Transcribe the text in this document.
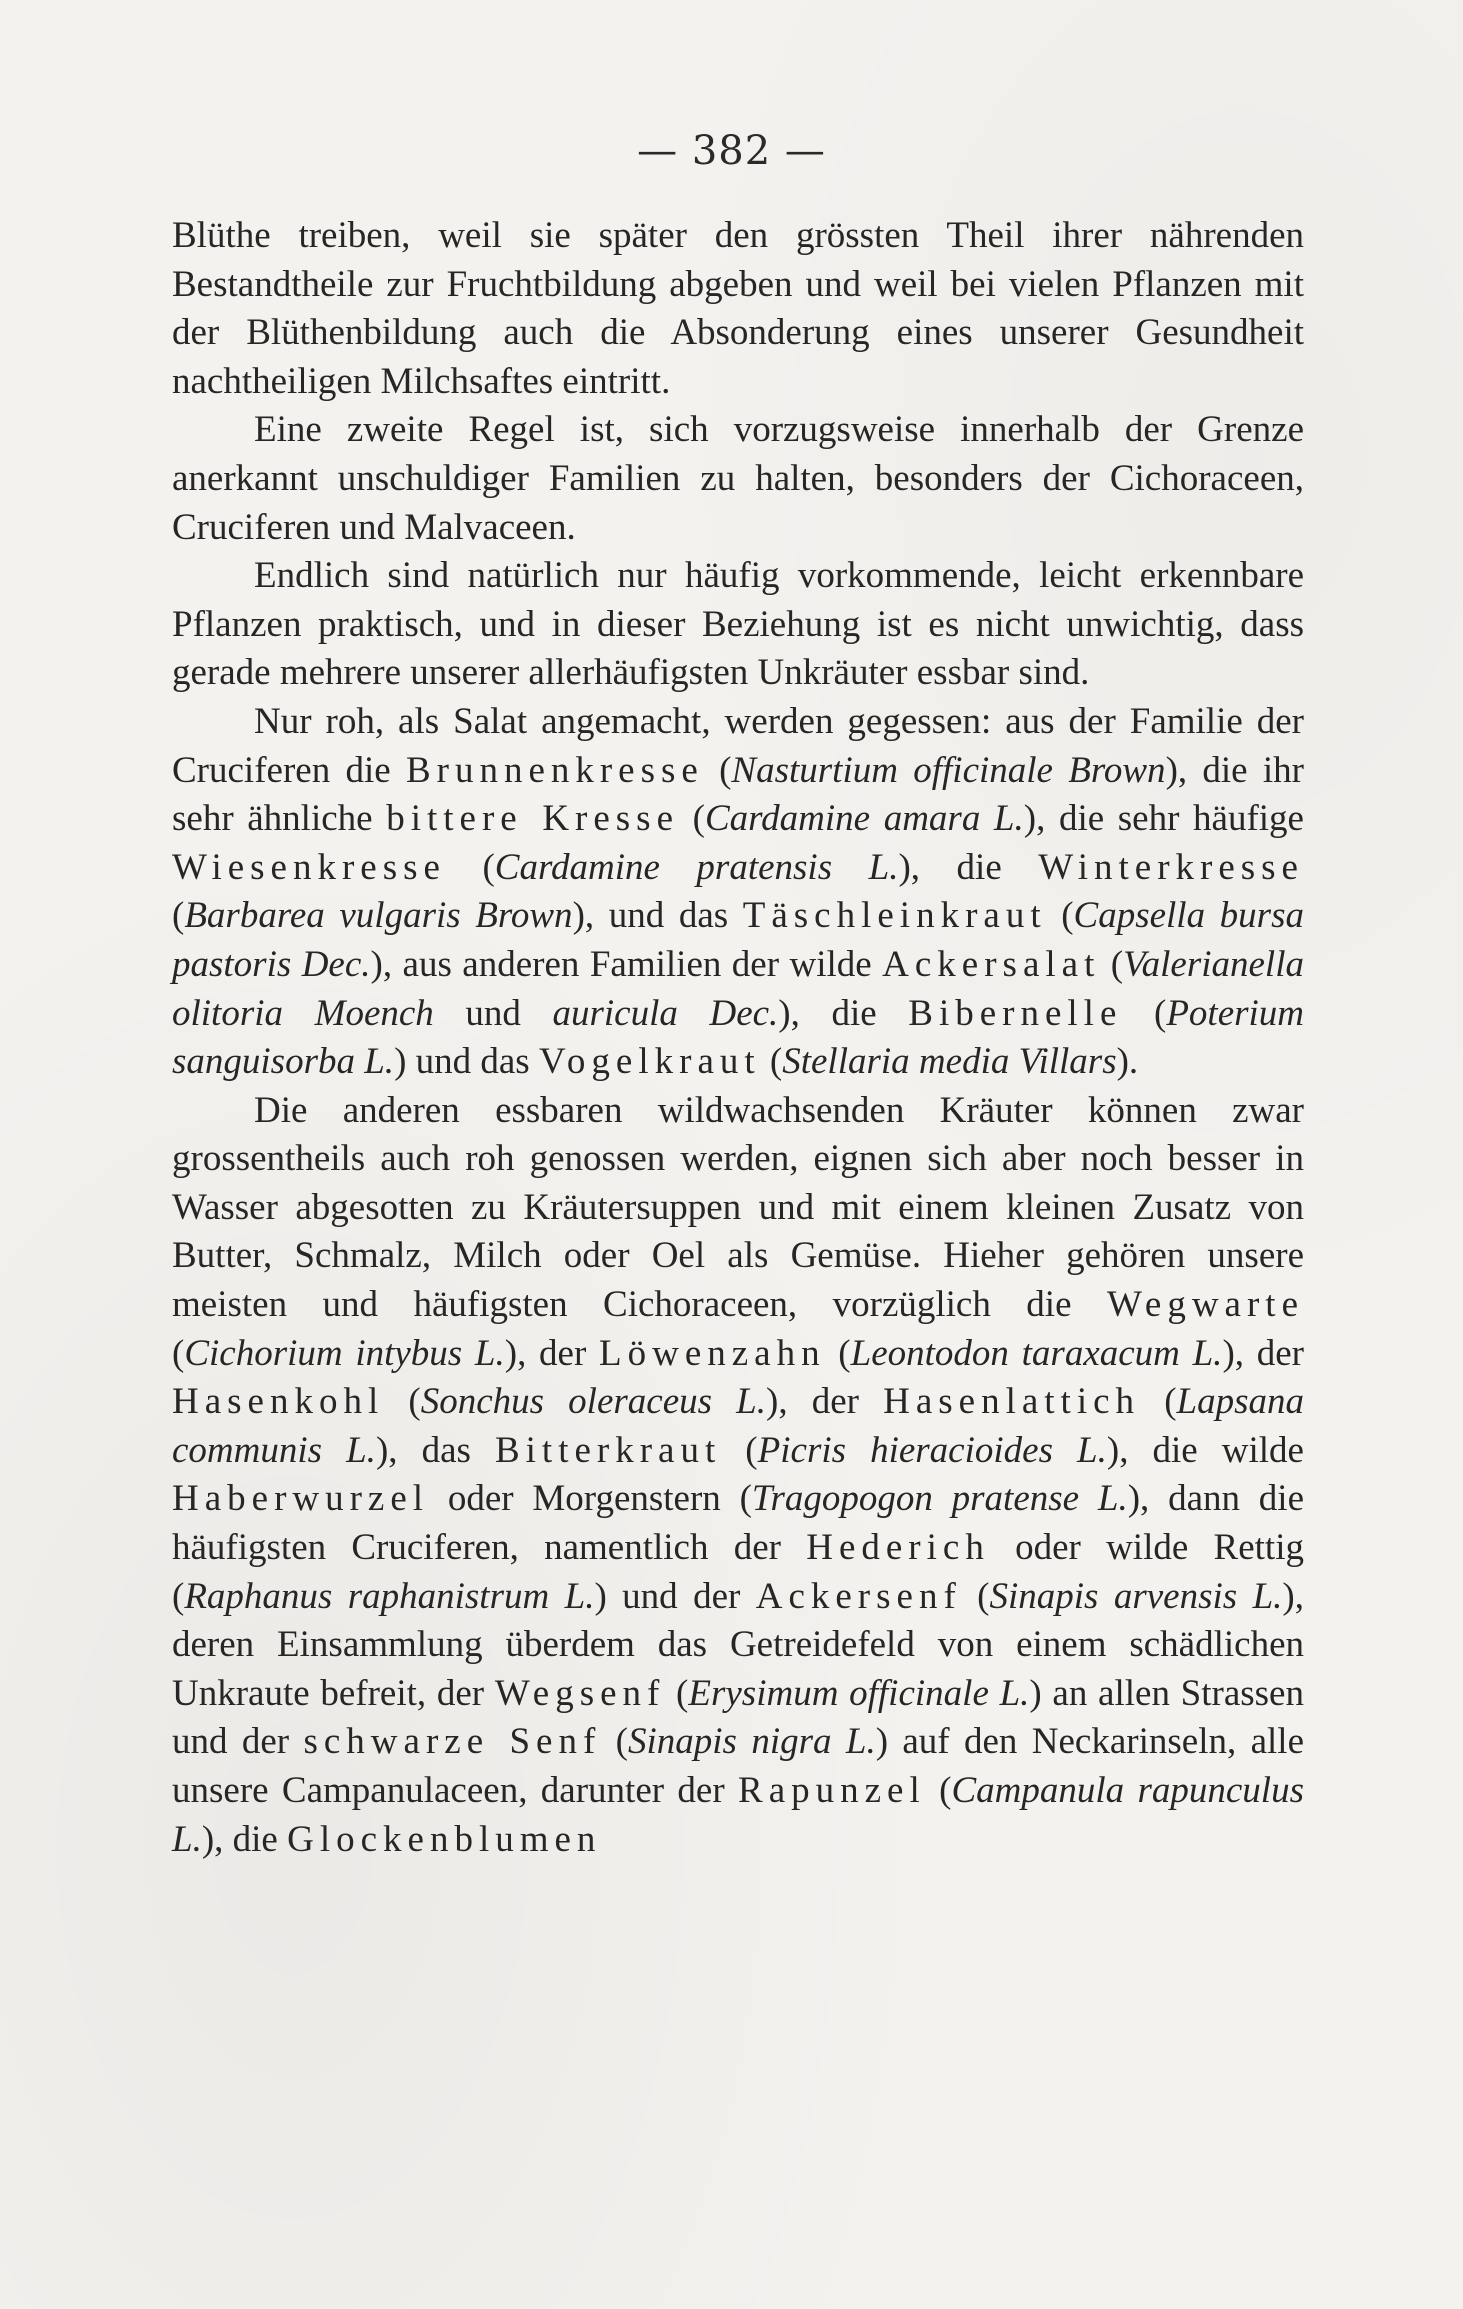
— 382 —

Blüthe treiben, weil sie später den grössten Theil ihrer nährenden Bestandtheile zur Fruchtbildung abgeben und weil bei vielen Pflanzen mit der Blüthenbildung auch die Absonderung eines unserer Gesundheit nachtheiligen Milchsaftes eintritt.

Eine zweite Regel ist, sich vorzugsweise innerhalb der Grenze anerkannt unschuldiger Familien zu halten, besonders der Cichoraceen, Cruciferen und Malvaceen.

Endlich sind natürlich nur häufig vorkommende, leicht erkennbare Pflanzen praktisch, und in dieser Beziehung ist es nicht unwichtig, dass gerade mehrere unserer allerhäufigsten Unkräuter essbar sind.

Nur roh, als Salat angemacht, werden gegessen: aus der Familie der Cruciferen die Brunnenkresse (Nasturtium officinale Brown), die ihr sehr ähnliche bittere Kresse (Cardamine amara L.), die sehr häufige Wiesenkresse (Cardamine pratensis L.), die Winterkresse (Barbarea vulgaris Brown), und das Täschleinkraut (Capsella bursa pastoris Dec.), aus anderen Familien der wilde Ackersalat (Valerianella olitoria Moench und auricula Dec.), die Bibernelle (Poterium sanguisorba L.) und das Vogelkraut (Stellaria media Villars).

Die anderen essbaren wildwachsenden Kräuter können zwar grossentheils auch roh genossen werden, eignen sich aber noch besser in Wasser abgesotten zu Kräutersuppen und mit einem kleinen Zusatz von Butter, Schmalz, Milch oder Oel als Gemüse. Hieher gehören unsere meisten und häufigsten Cichoraceen, vorzüglich die Wegwarte (Cichorium intybus L.), der Löwenzahn (Leontodon taraxacum L.), der Hasenkohl (Sonchus oleraceus L.), der Hasenlattich (Lapsana communis L.), das Bitterkraut (Picris hieracioides L.), die wilde Haberwurzel oder Morgenstern (Tragopogon pratense L.), dann die häufigsten Cruciferen, namentlich der Hederich oder wilde Rettig (Raphanus raphanistrum L.) und der Ackersenf (Sinapis arvensis L.), deren Einsammlung überdem das Getreidefeld von einem schädlichen Unkraute befreit, der Wegsenf (Erysimum officinale L.) an allen Strassen und der schwarze Senf (Sinapis nigra L.) auf den Neckarinseln, alle unsere Campanulaceen, darunter der Rapunzel (Campanula rapunculus L.), die Glockenblumen
